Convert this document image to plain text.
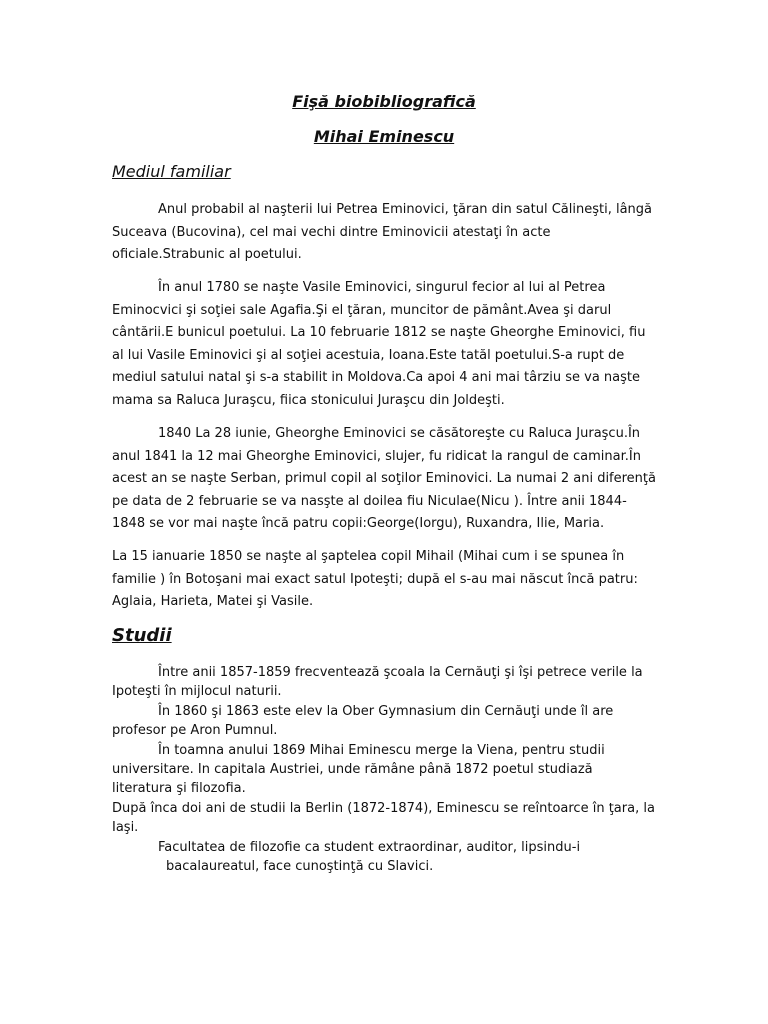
Fişă biobibliografică
Mihai Eminescu
Mediul familiar

Anul probabil al naşterii lui Petrea Eminovici, ţăran din satul Călineşti, lângă Suceava (Bucovina), cel mai vechi dintre Eminovicii atestaţi în acte oficiale.Strabunic al poetului.

În anul 1780 se naşte Vasile Eminovici, singurul fecior al lui al Petrea Eminocvici şi soţiei sale Agafia.Şi el ţăran, muncitor de pământ.Avea şi darul cântării.E bunicul poetului. La 10 februarie 1812 se naşte Gheorghe Eminovici, fiu al lui Vasile Eminovici şi al soţiei acestuia, Ioana.Este tatăl poetului.S-a rupt de mediul satului natal şi s-a stabilit in Moldova.Ca apoi 4 ani mai târziu se va naşte mama sa Raluca Juraşcu, fiica stonicului Juraşcu din Joldeşti.

1840 La 28 iunie, Gheorghe Eminovici se căsătoreşte cu Raluca Juraşcu.În anul 1841 la 12 mai Gheorghe Eminovici, slujer, fu ridicat la rangul de caminar.În acest an se naşte Serban, primul copil al soţilor Eminovici. La numai 2 ani diferenţă pe data de 2 februarie se va nasşte al doilea fiu Niculae(Nicu ). Între anii 1844-1848 se vor mai naşte încă patru copii:George(Iorgu), Ruxandra, Ilie, Maria.

La 15 ianuarie 1850 se naşte al şaptelea copil Mihail (Mihai cum i se spunea în familie ) în Botoşani mai exact satul Ipoteşti; după el s-au mai născut încă patru: Aglaia, Harieta, Matei şi Vasile.

Studii

Între anii 1857-1859 frecventează şcoala la Cernăuţi şi îşi petrece verile la Ipoteşti în mijlocul naturii.

În 1860 şi 1863 este elev la Ober Gymnasium din Cernăuţi unde îl are profesor pe Aron Pumnul.

În toamna anului 1869 Mihai Eminescu merge la Viena, pentru studii universitare. In capitala Austriei, unde rămâne până 1872 poetul studiază literatura şi filozofia.

După înca doi ani de studii la Berlin (1872-1874), Eminescu se reîntoarce în ţara, la Iaşi.

Facultatea de filozofie ca student extraordinar, auditor, lipsindu-i

bacalaureatul, face cunoştinţă cu Slavici.
